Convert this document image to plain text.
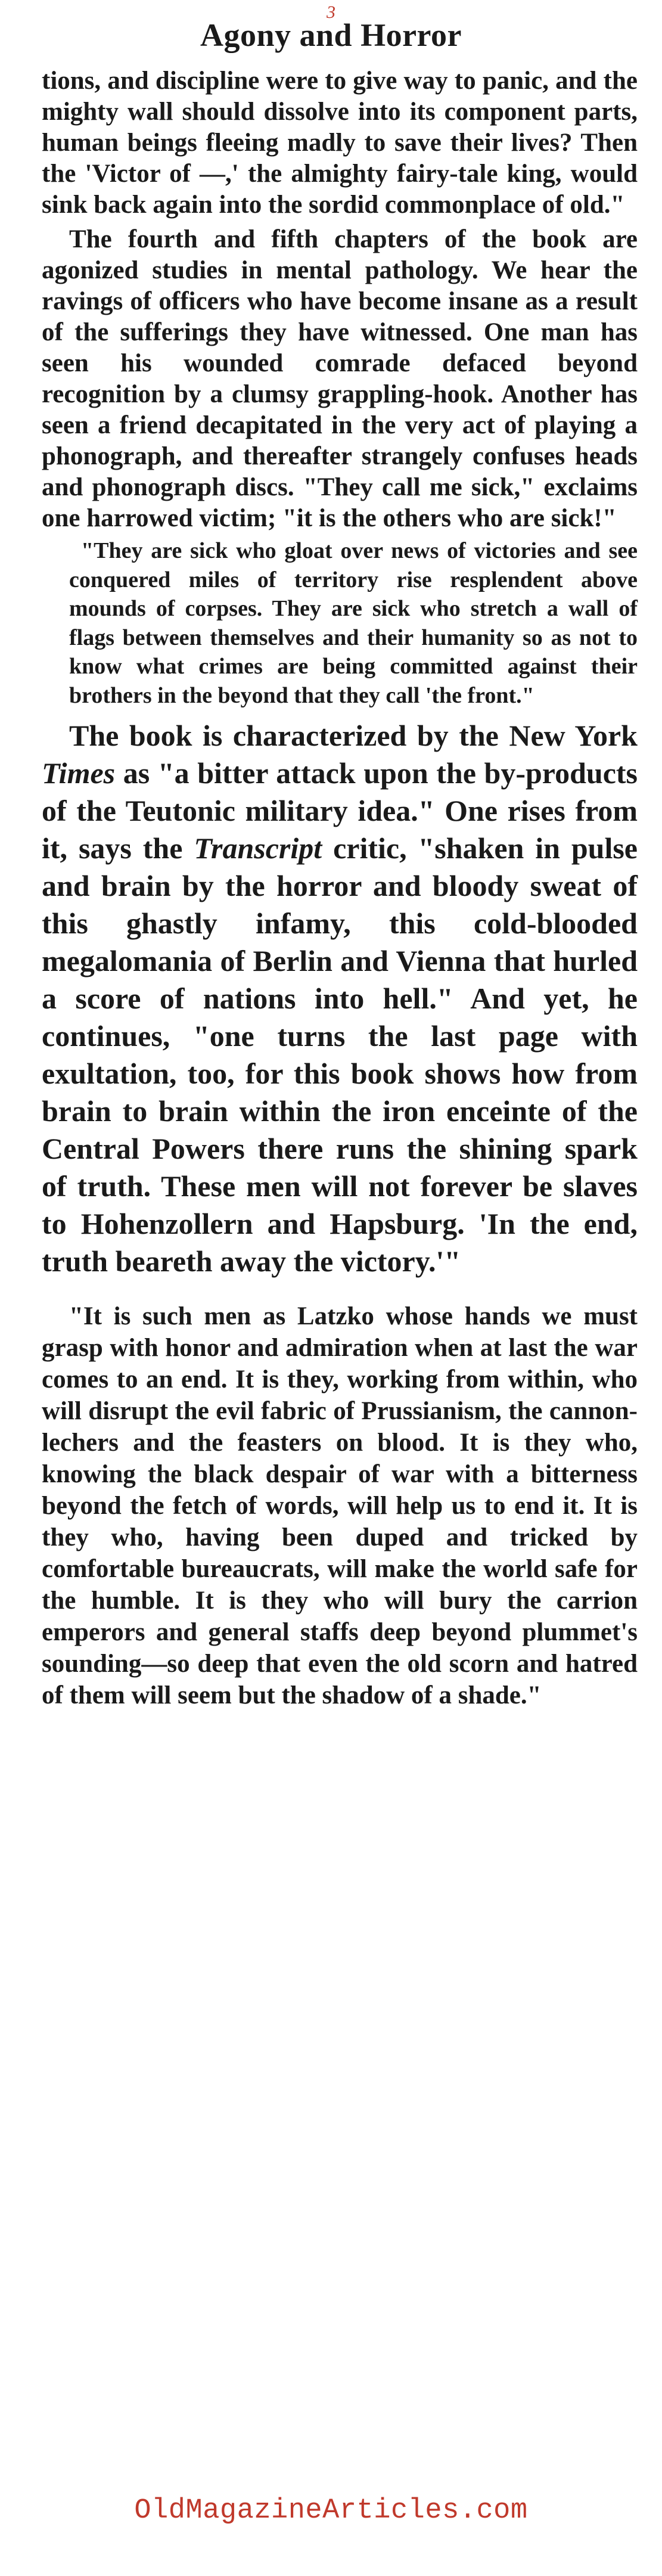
3
Agony and Horror

tions, and discipline were to give way to panic, and the mighty wall should dissolve into its component parts, human beings fleeing madly to save their lives? Then the 'Victor of —,' the almighty fairy-tale king, would sink back again into the sordid commonplace of old."

The fourth and fifth chapters of the book are agonized studies in mental pathology. We hear the ravings of officers who have become insane as a result of the sufferings they have witnessed. One man has seen his wounded comrade defaced beyond recognition by a clumsy grappling-hook. Another has seen a friend decapitated in the very act of playing a phonograph, and thereafter strangely confuses heads and phonograph discs. "They call me sick," exclaims one harrowed victim; "it is the others who are sick!"

"They are sick who gloat over news of victories and see conquered miles of territory rise resplendent above mounds of corpses. They are sick who stretch a wall of flags between themselves and their humanity so as not to know what crimes are being committed against their brothers in the beyond that they call 'the front."

The book is characterized by the New York Times as "a bitter attack upon the by-products of the Teutonic military idea." One rises from it, says the Transcript critic, "shaken in pulse and brain by the horror and bloody sweat of this ghastly infamy, this cold-blooded megalomania of Berlin and Vienna that hurled a score of nations into hell." And yet, he continues, "one turns the last page with exultation, too, for this book shows how from brain to brain within the iron enceinte of the Central Powers there runs the shining spark of truth. These men will not forever be slaves to Hohenzollern and Hapsburg. 'In the end, truth beareth away the victory.'"

"It is such men as Latzko whose hands we must grasp with honor and admiration when at last the war comes to an end. It is they, working from within, who will disrupt the evil fabric of Prussianism, the cannon-lechers and the feasters on blood. It is they who, knowing the black despair of war with a bitterness beyond the fetch of words, will help us to end it. It is they who, having been duped and tricked by comfortable bureaucrats, will make the world safe for the humble. It is they who will bury the carrion emperors and general staffs deep beyond plummet's sounding—so deep that even the old scorn and hatred of them will seem but the shadow of a shade."

OldMagazineArticles.com
